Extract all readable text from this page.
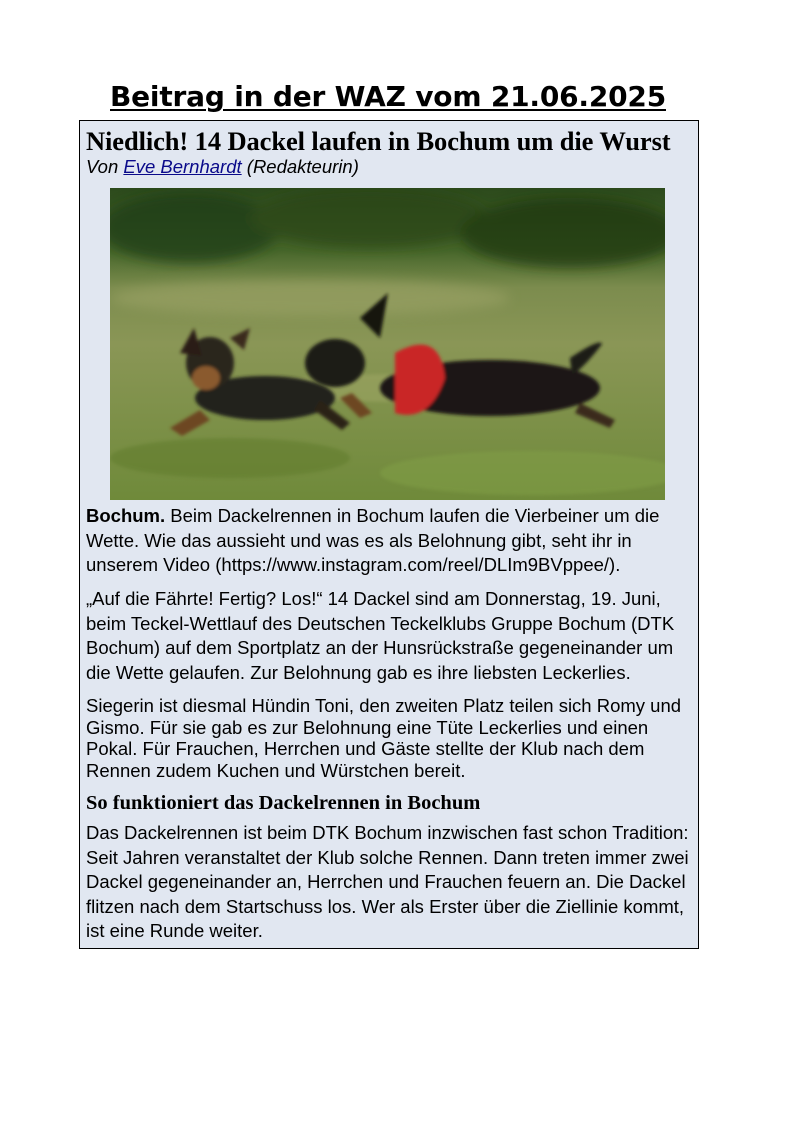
Beitrag in der WAZ vom 21.06.2025
Niedlich! 14 Dackel laufen in Bochum um die Wurst

Von Eve Bernhardt (Redakteurin)

Bochum. Beim Dackelrennen in Bochum laufen die Vierbeiner um die Wette. Wie das aussieht und was es als Belohnung gibt, seht ihr in unserem Video (https://www.instagram.com/reel/DLIm9BVppee/).

„Auf die Fährte! Fertig? Los!“ 14 Dackel sind am Donnerstag, 19. Juni, beim Teckel-Wettlauf des Deutschen Teckelklubs Gruppe Bochum (DTK Bochum) auf dem Sportplatz an der Hunsrückstraße gegeneinander um die Wette gelaufen. Zur Belohnung gab es ihre liebsten Leckerlies.

Siegerin ist diesmal Hündin Toni, den zweiten Platz teilen sich Romy und Gismo. Für sie gab es zur Belohnung eine Tüte Leckerlies und einen Pokal. Für Frauchen, Herrchen und Gäste stellte der Klub nach dem Rennen zudem Kuchen und Würstchen bereit.

So funktioniert das Dackelrennen in Bochum

Das Dackelrennen ist beim DTK Bochum inzwischen fast schon Tradition: Seit Jahren veranstaltet der Klub solche Rennen. Dann treten immer zwei Dackel gegeneinander an, Herrchen und Frauchen feuern an. Die Dackel flitzen nach dem Startschuss los. Wer als Erster über die Ziellinie kommt, ist eine Runde weiter.
